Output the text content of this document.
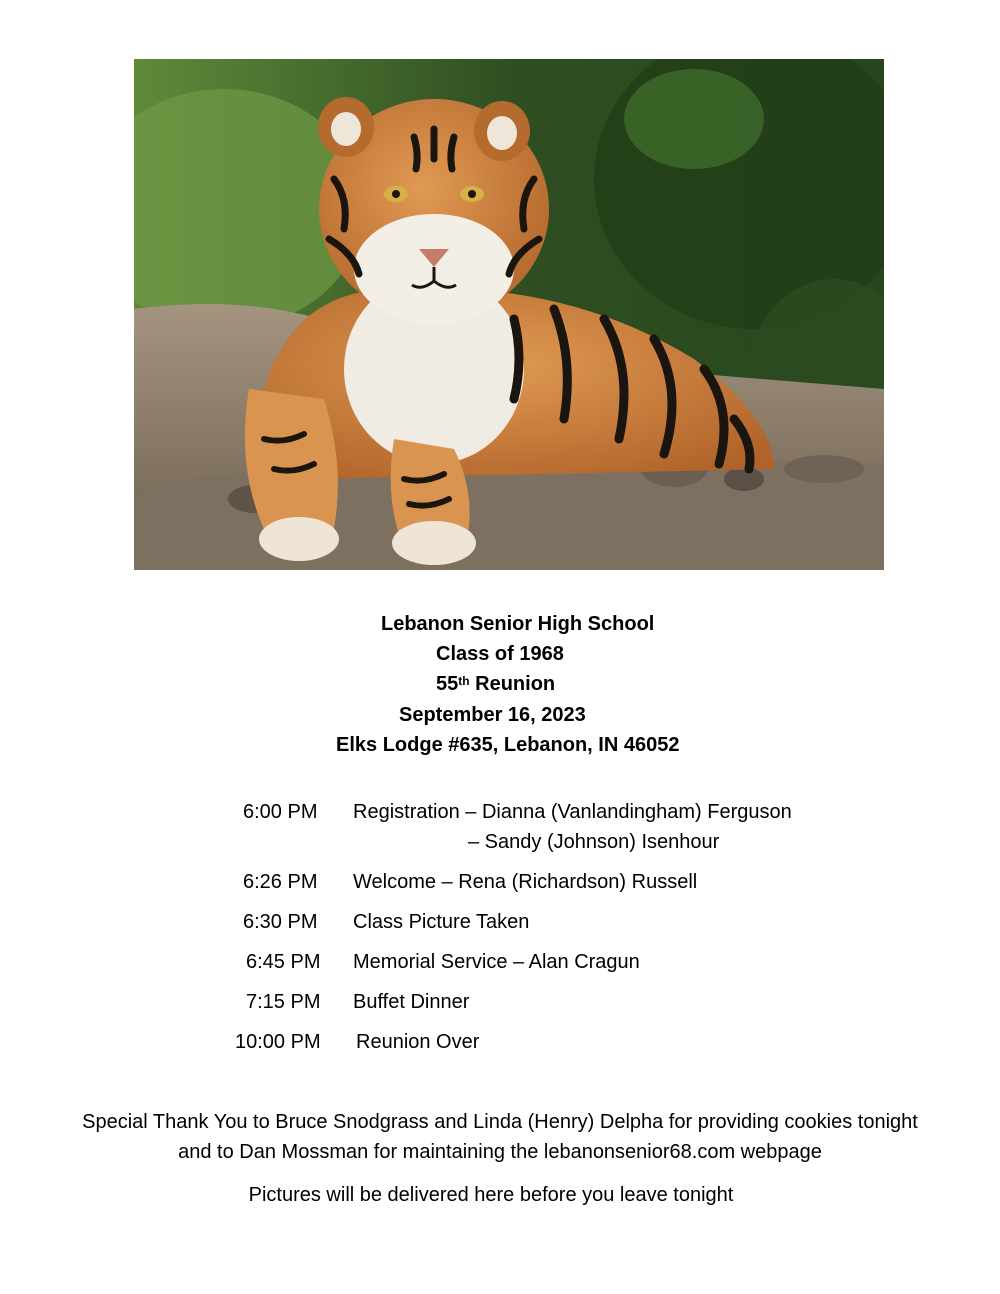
Lebanon Senior High School
Class of 1968
55th Reunion
September 16, 2023
Elks Lodge #635, Lebanon, IN 46052
6:00 PM Registration – Dianna (Vanlandingham) Ferguson
– Sandy (Johnson) Isenhour
6:26 PM Welcome – Rena (Richardson) Russell
6:30 PM Class Picture Taken
6:45 PM Memorial Service – Alan Cragun
7:15 PM Buffet Dinner
10:00 PM Reunion Over
Special Thank You to Bruce Snodgrass and Linda (Henry) Delpha for providing cookies tonight
and to Dan Mossman for maintaining the lebanonsenior68.com webpage
Pictures will be delivered here before you leave tonight
